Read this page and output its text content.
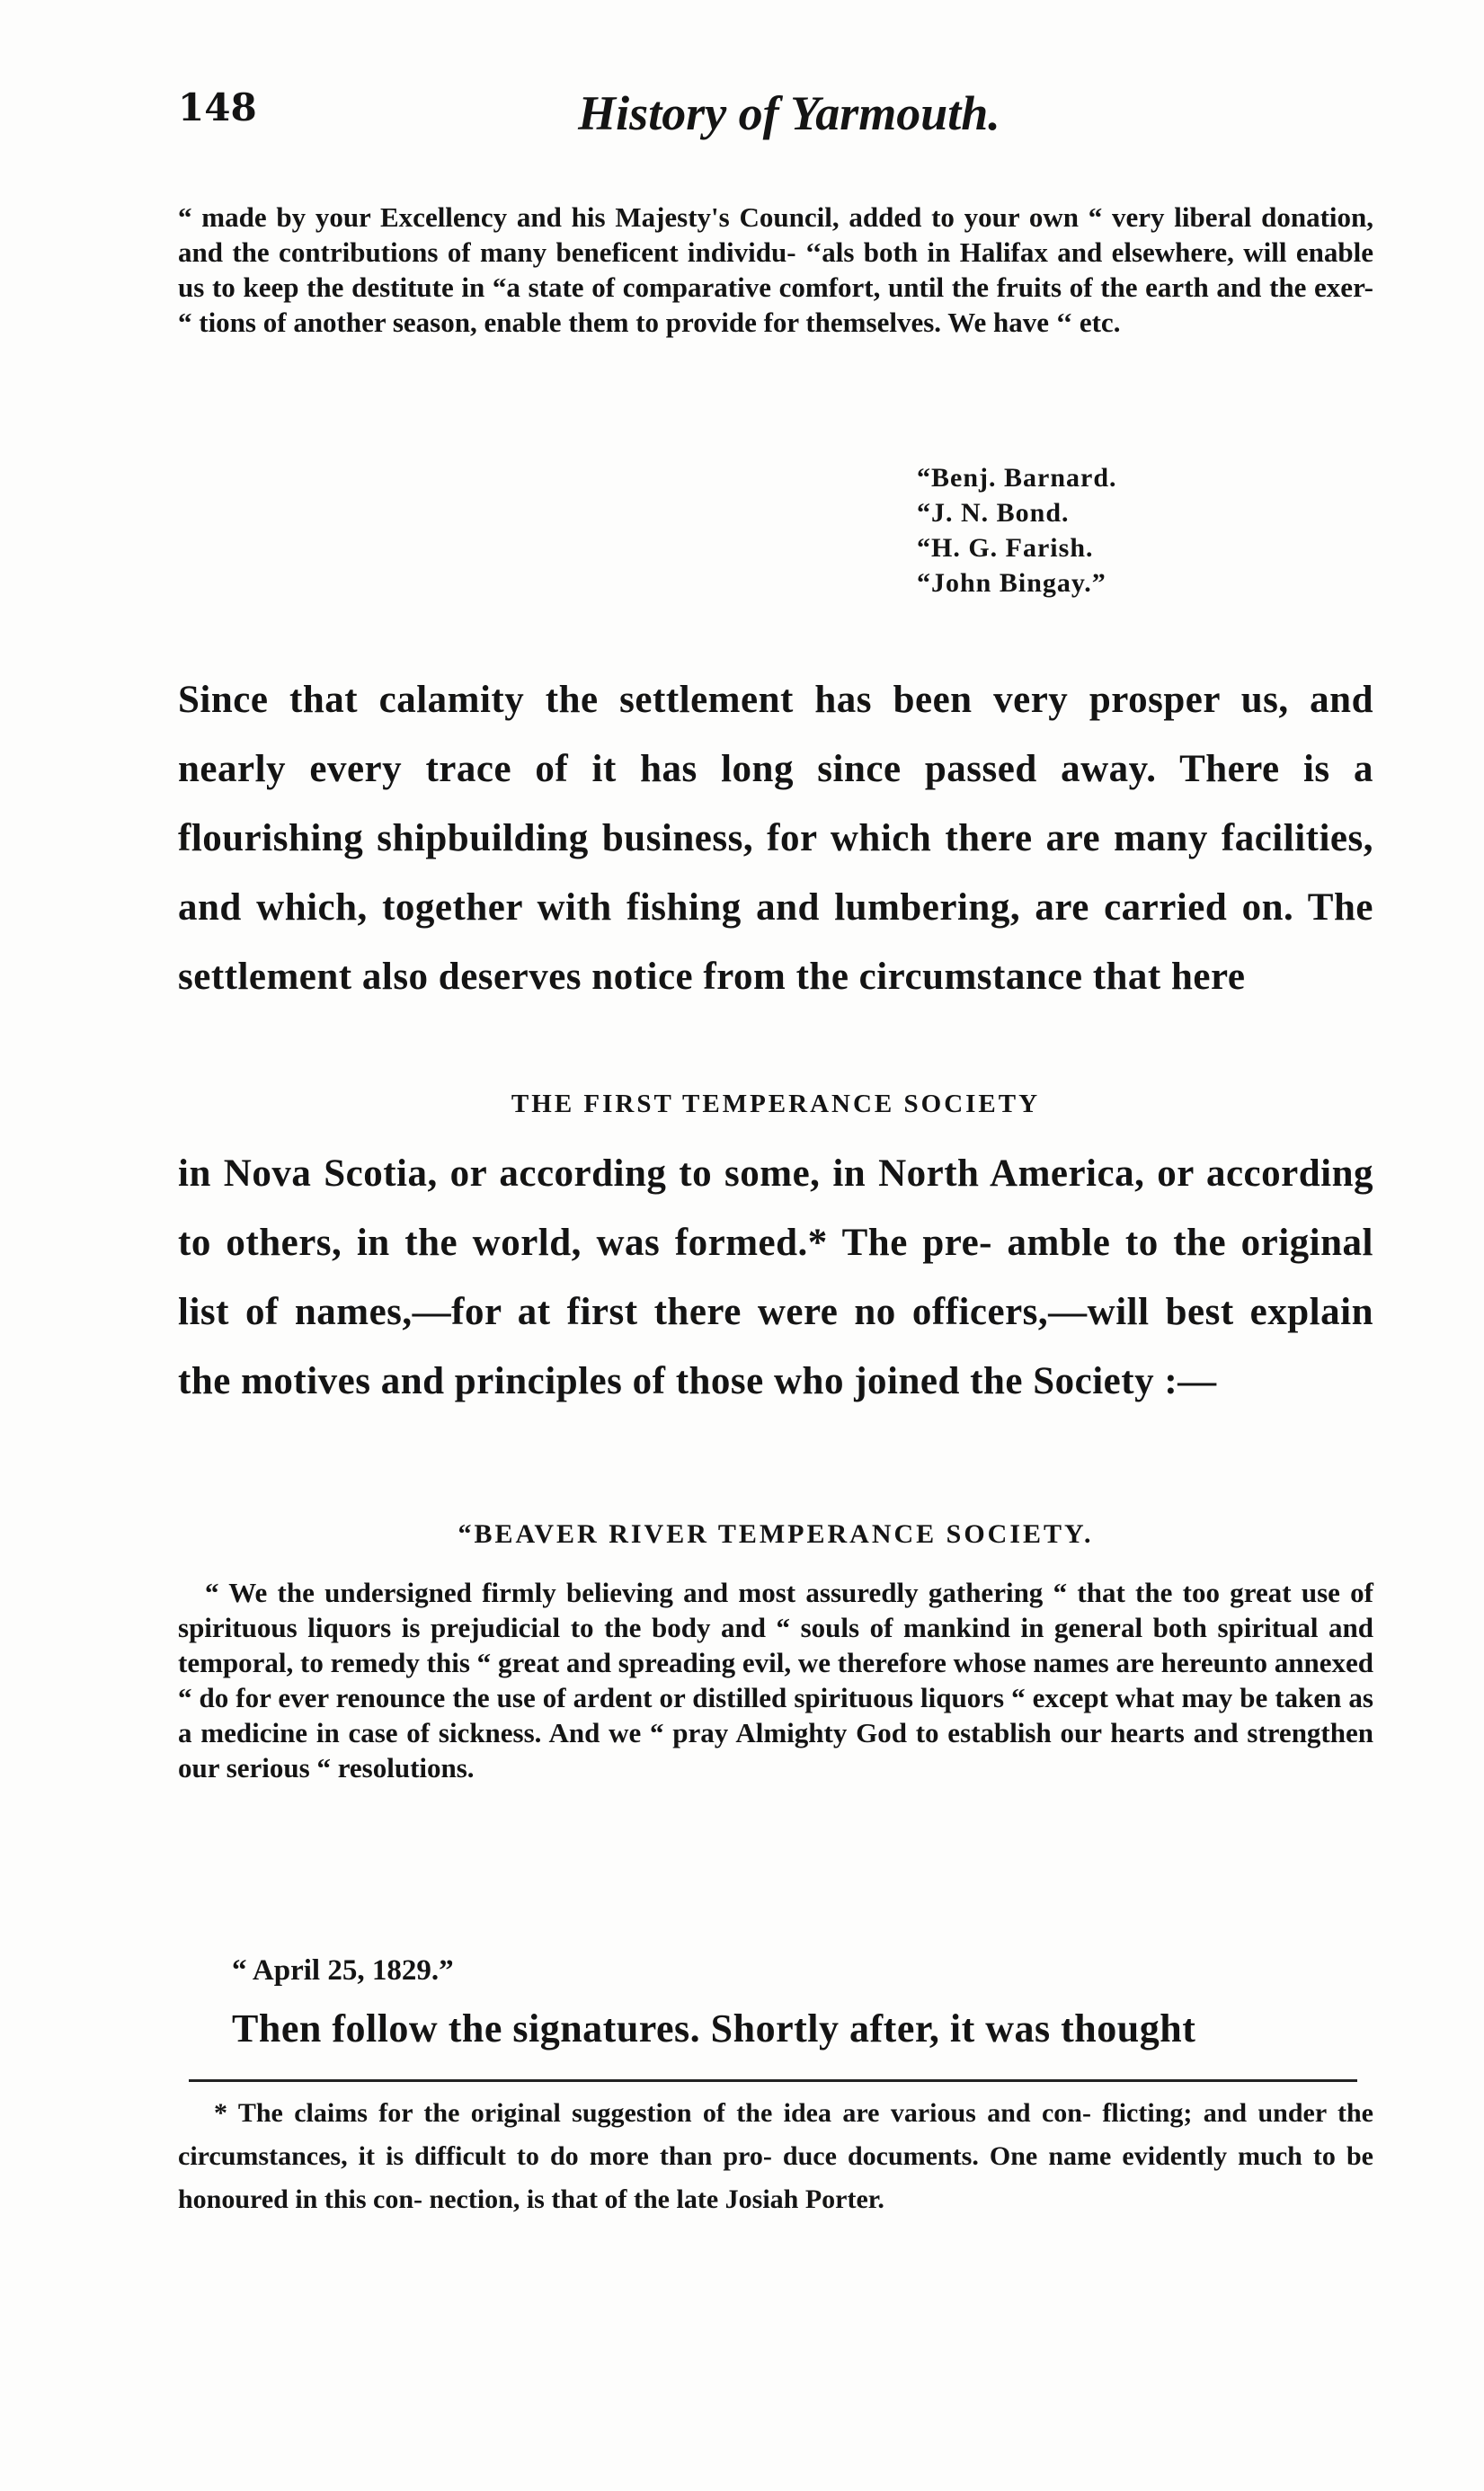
148	History of Yarmouth.

“ made by your Excellency and his Majesty's Council, added to your own “ very liberal donation, and the contributions of many beneficent individu- ‘‘als both in Halifax and elsewhere, will enable us to keep the destitute in “a state of comparative comfort, until the fruits of the earth and the exer- “ tions of another season, enable them to provide for themselves. We have ‘‘ etc.

“Benj. Barnard.
“J. N. Bond.
“H. G. Farish.
“John Bingay.”

Since that calamity the settlement has been very prosper us, and nearly every trace of it has long since passed away. There is a flourishing shipbuilding business, for which there are many facilities, and which, together with fishing and lumbering, are carried on. The settlement also deserves notice from the circumstance that here

THE FIRST TEMPERANCE SOCIETY

in Nova Scotia, or according to some, in North America, or according to others, in the world, was formed.* The pre- amble to the original list of names,—for at first there were no officers,—will best explain the motives and principles of those who joined the Society :—

“BEAVER RIVER TEMPERANCE SOCIETY.

“ We the undersigned firmly believing and most assuredly gathering “ that the too great use of spirituous liquors is prejudicial to the body and “ souls of mankind in general both spiritual and temporal, to remedy this “ great and spreading evil, we therefore whose names are hereunto annexed “ do for ever renounce the use of ardent or distilled spirituous liquors “ except what may be taken as a medicine in case of sickness. And we “ pray Almighty God to establish our hearts and strengthen our serious “ resolutions.

“ April 25, 1829.”
Then follow the signatures. Shortly after, it was thought

* The claims for the original suggestion of the idea are various and con- flicting; and under the circumstances, it is difficult to do more than pro- duce documents. One name evidently much to be honoured in this con- nection, is that of the late Josiah Porter.
